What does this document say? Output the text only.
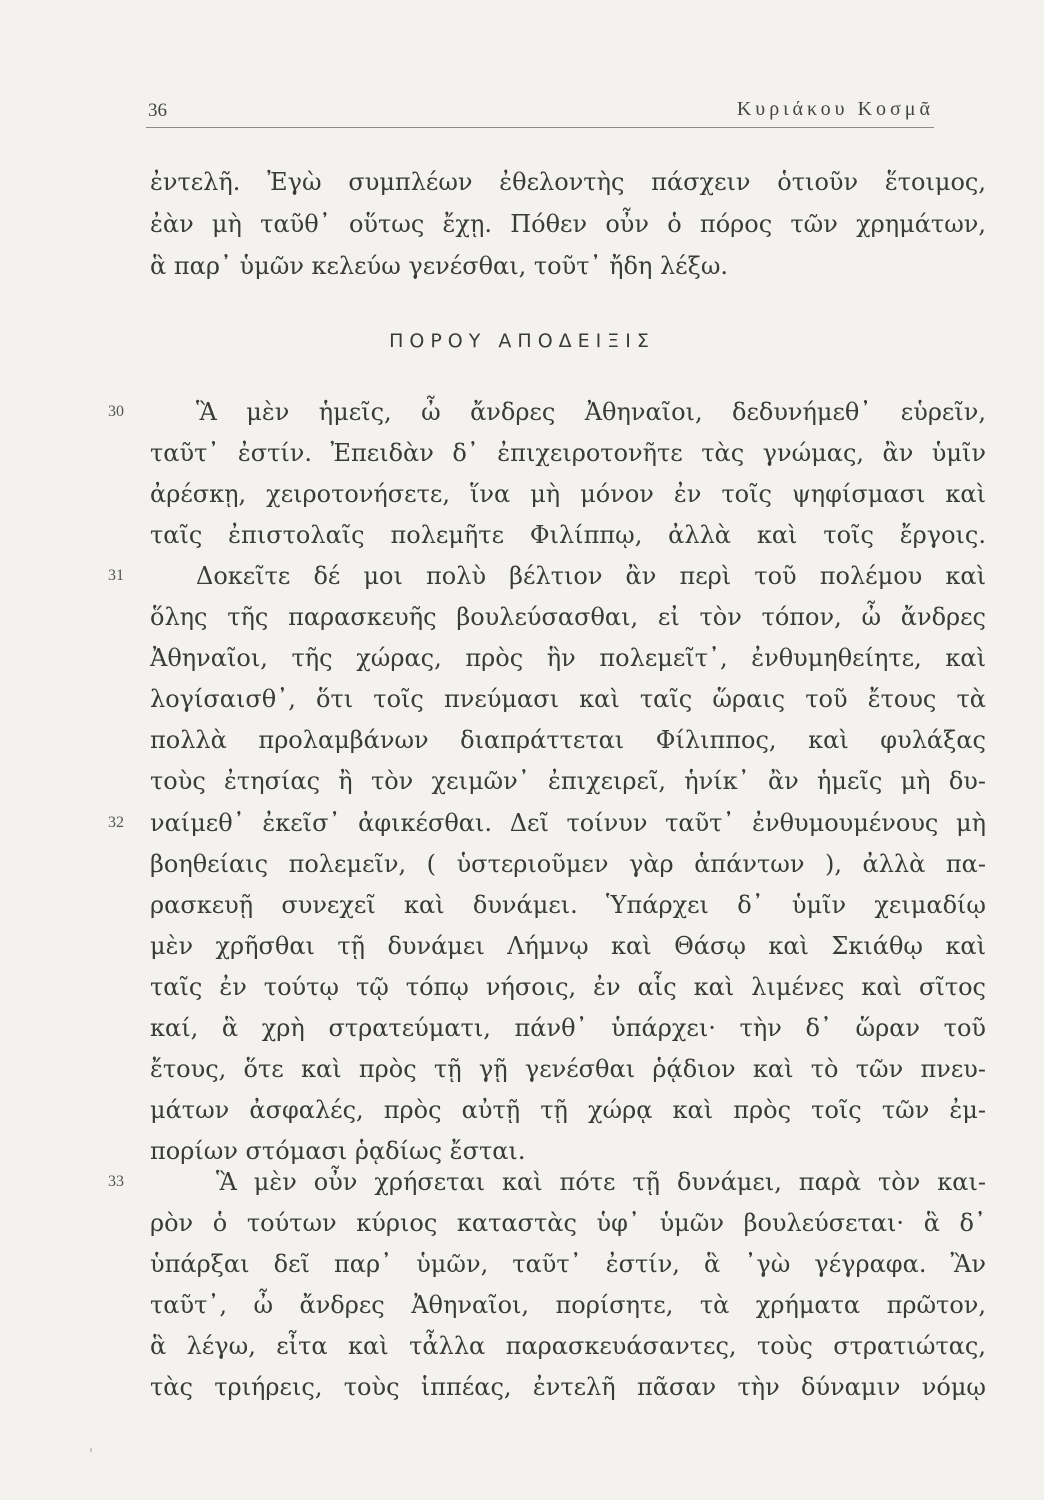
36	Κυριάκου Κοσμᾶ
ἐντελῆ. Ἐγὼ συμπλέων ἐθελοντὴς πάσχειν ὁτιοῦν ἕτοιμος,
ἐὰν μὴ ταῦθ᾽ οὕτως ἔχῃ. Πόθεν οὖν ὁ πόρος τῶν χρημάτων,
ἃ παρ᾽ ὑμῶν κελεύω γενέσθαι, τοῦτ᾽ ἤδη λέξω.
ΠΟΡΟΥ ΑΠΟΔΕΙΞΙΣ
30
31
32
33
Ἃ μὲν ἡμεῖς, ὦ ἄνδρες Ἀθηναῖοι, δεδυνήμεθ᾽ εὑρεῖν,
ταῦτ᾽ ἐστίν. Ἐπειδὰν δ᾽ ἐπιχειροτονῆτε τὰς γνώμας, ἂν ὑμῖν
ἀρέσκῃ, χειροτονήσετε, ἵνα μὴ μόνον ἐν τοῖς ψηφίσμασι καὶ
ταῖς ἐπιστολαῖς πολεμῆτε Φιλίππῳ, ἀλλὰ καὶ τοῖς ἔργοις.
Δοκεῖτε δέ μοι πολὺ βέλτιον ἂν περὶ τοῦ πολέμου καὶ
ὅλης τῆς παρασκευῆς βουλεύσασθαι, εἰ τὸν τόπον, ὦ ἄνδρες
Ἀθηναῖοι, τῆς χώρας, πρὸς ἣν πολεμεῖτ᾽, ἐνθυμηθείητε, καὶ
λογίσαισθ᾽, ὅτι τοῖς πνεύμασι καὶ ταῖς ὥραις τοῦ ἔτους τὰ
πολλὰ προλαμβάνων διαπράττεται Φίλιππος, καὶ φυλάξας
τοὺς ἐτησίας ἢ τὸν χειμῶν᾽ ἐπιχειρεῖ, ἡνίκ᾽ ἂν ἡμεῖς μὴ δυ-
ναίμεθ᾽ ἐκεῖσ᾽ ἀφικέσθαι. Δεῖ τοίνυν ταῦτ᾽ ἐνθυμουμένους μὴ
βοηθείαις πολεμεῖν, ( ὑστεριοῦμεν γὰρ ἁπάντων ), ἀλλὰ πα-
ρασκευῇ συνεχεῖ καὶ δυνάμει. Ὑπάρχει δ᾽ ὑμῖν χειμαδίῳ
μὲν χρῆσθαι τῇ δυνάμει Λήμνῳ καὶ Θάσῳ καὶ Σκιάθῳ καὶ
ταῖς ἐν τούτῳ τῷ τόπῳ νήσοις, ἐν αἷς καὶ λιμένες καὶ σῖτος
καί, ἃ χρὴ στρατεύματι, πάνθ᾽ ὑπάρχει· τὴν δ᾽ ὥραν τοῦ
ἔτους, ὅτε καὶ πρὸς τῇ γῇ γενέσθαι ῥᾴδιον καὶ τὸ τῶν πνευ-
μάτων ἀσφαλές, πρὸς αὐτῇ τῇ χώρᾳ καὶ πρὸς τοῖς τῶν ἐμ-
πορίων στόμασι ῥᾳδίως ἔσται.
Ἃ μὲν οὖν χρήσεται καὶ πότε τῇ δυνάμει, παρὰ τὸν και-
ρὸν ὁ τούτων κύριος καταστὰς ὑφ᾽ ὑμῶν βουλεύσεται· ἃ δ᾽
ὑπάρξαι δεῖ παρ᾽ ὑμῶν, ταῦτ᾽ ἐστίν, ἃ ᾽γὼ γέγραφα. Ἂν
ταῦτ᾽, ὦ ἄνδρες Ἀθηναῖοι, πορίσητε, τὰ χρήματα πρῶτον,
ἃ λέγω, εἶτα καὶ τἆλλα παρασκευάσαντες, τοὺς στρατιώτας,
τὰς τριήρεις, τοὺς ἱππέας, ἐντελῆ πᾶσαν τὴν δύναμιν νόμῳ
